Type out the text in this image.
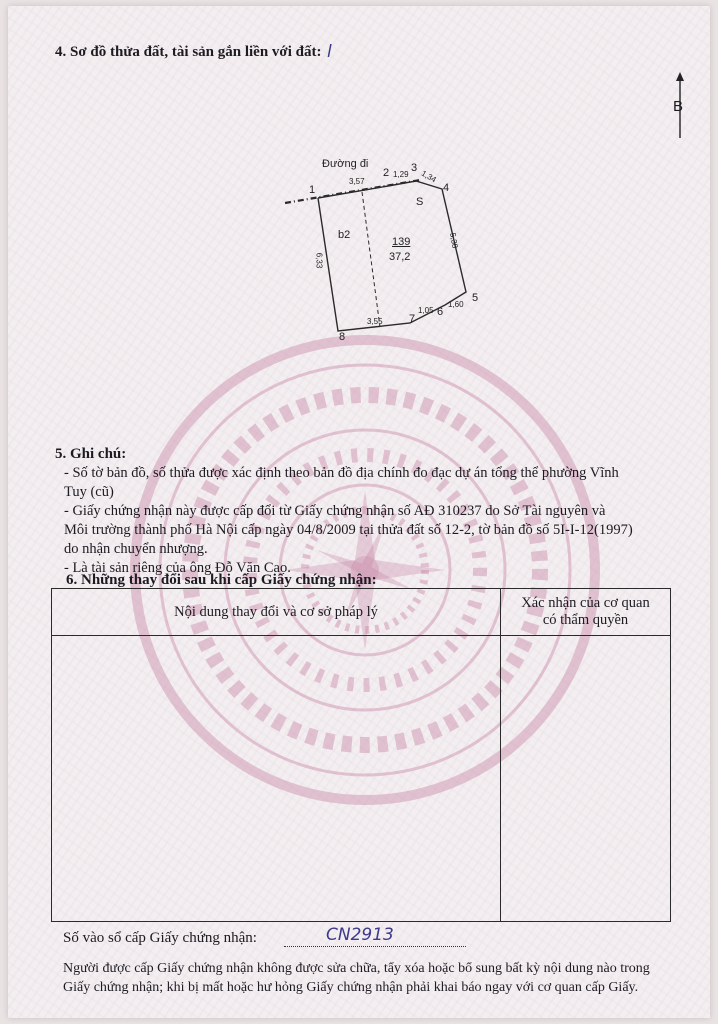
4. Sơ đồ thửa đất, tài sản gắn liền với đất: l
B
Đường đi
1
2 3
4
5
6
7
8
3,57
1,29 1,34
5,38
6,33
3,55
1,05
1,60
b2
S
139
37,2
5. Ghi chú:
- Số tờ bản đồ, số thửa được xác định theo bản đồ địa chính đo đạc dự án tổng thể phường Vĩnh
Tuy (cũ)
- Giấy chứng nhận này được cấp đổi từ Giấy chứng nhận số AĐ 310237 do Sở Tài nguyên và
Môi trường thành phố Hà Nội cấp ngày 04/8/2009 tại thửa đất số 12-2, tờ bản đồ số 5I-I-12(1997)
do nhận chuyển nhượng.
- Là tài sản riêng của ông Đỗ Văn Cao.
6. Những thay đổi sau khi cấp Giấy chứng nhận:
Nội dung thay đổi và cơ sở pháp lý	Xác nhận của cơ quan
có thẩm quyền

Số vào sổ cấp Giấy chứng nhận:	CN2913
Người được cấp Giấy chứng nhận không được sửa chữa, tẩy xóa hoặc bổ sung bất kỳ nội dung nào trong
Giấy chứng nhận; khi bị mất hoặc hư hỏng Giấy chứng nhận phải khai báo ngay với cơ quan cấp Giấy.
